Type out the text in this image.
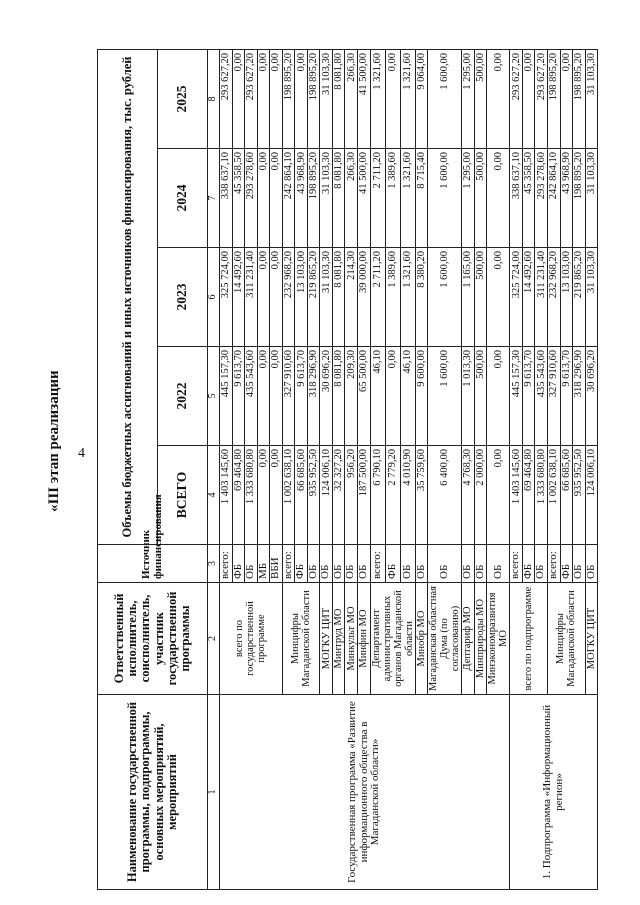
4
«III этап реализации
Наименование государственной программы, подпрограммы, основных мероприятий, мероприятий	Ответственный исполнитель, соисполнитель, участник государственной программы	Источник финансирования	Объемы бюджетных ассигнований и иных источников финансирования, тыс. рублей				
			ВСЕГО	2022	2023	2024	2025
1	2	3	4	5	6	7	8
Государственная программа «Развитие информационного общества в Магаданской области»	всего по государственной программе	всего:	1 403 145,60	445 157,30	325 724,00	338 637,10	293 627,20
		ФБ	69 464,80	9 613,70	14 492,60	45 358,50	0,00
		ОБ	1 333 680,80	435 543,60	311 231,40	293 278,60	293 627,20
		МБ	0,00	0,00	0,00	0,00	0,00
		ВБИ	0,00	0,00	0,00	0,00	0,00
	Минцифры Магаданской области	всего:	1 002 638,10	327 910,60	232 968,20	242 864,10	198 895,20
		ФБ	66 685,60	9 613,70	13 103,00	43 968,90	0,00
		ОБ	935 952,50	318 296,90	219 865,20	198 895,20	198 895,20
	МОГКУ ЦИТ	ОБ	124 006,10	30 696,20	31 103,30	31 103,30	31 103,30
	Минтруд МО	ОБ	32 327,20	8 081,80	8 081,80	8 081,80	8 081,80
	Минкульт МО	ОБ	956,20	209,30	214,30	266,30	266,30
	Минфин МО	ОБ	187 500,00	65 500,00	39 000,00	41 500,00	41 500,00
	Департамент административных органов Магаданской области	всего:	6 790,10	46,10	2 711,20	2 711,20	1 321,60
		ФБ	2 779,20	0,00	1 389,60	1 389,60	0,00
		ОБ	4 010,90	46,10	1 321,60	1 321,60	1 321,60
	Минобр МО	ОБ	35 759,60	9 600,00	8 380,20	8 715,40	9 064,00
	Магаданская областная Дума (по согласованию)	ОБ	6 400,00	1 600,00	1 600,00	1 600,00	1 600,00
	Дептариф МО	ОБ	4 768,30	1 013,30	1 165,00	1 295,00	1 295,00
	Минприроды МО	ОБ	2 000,00	500,00	500,00	500,00	500,00
	Минэкономразвития МО	ОБ	0,00	0,00	0,00	0,00	0,00
1. Подпрограмма «Информационный регион»	всего по подпрограмме	всего:	1 403 145,60	445 157,30	325 724,00	338 637,10	293 627,20
		ФБ	69 464,80	9 613,70	14 492,60	45 358,50	0,00
		ОБ	1 333 680,80	435 543,60	311 231,40	293 278,60	293 627,20
	Минцифры Магаданской области	всего:	1 002 638,10	327 910,60	232 968,20	242 864,10	198 895,20
		ФБ	66 685,60	9 613,70	13 103,00	43 968,90	0,00
		ОБ	935 952,50	318 296,90	219 865,20	198 895,20	198 895,20
	МОГКУ ЦИТ	ОБ	124 006,10	30 696,20	31 103,30	31 103,30	31 103,30
